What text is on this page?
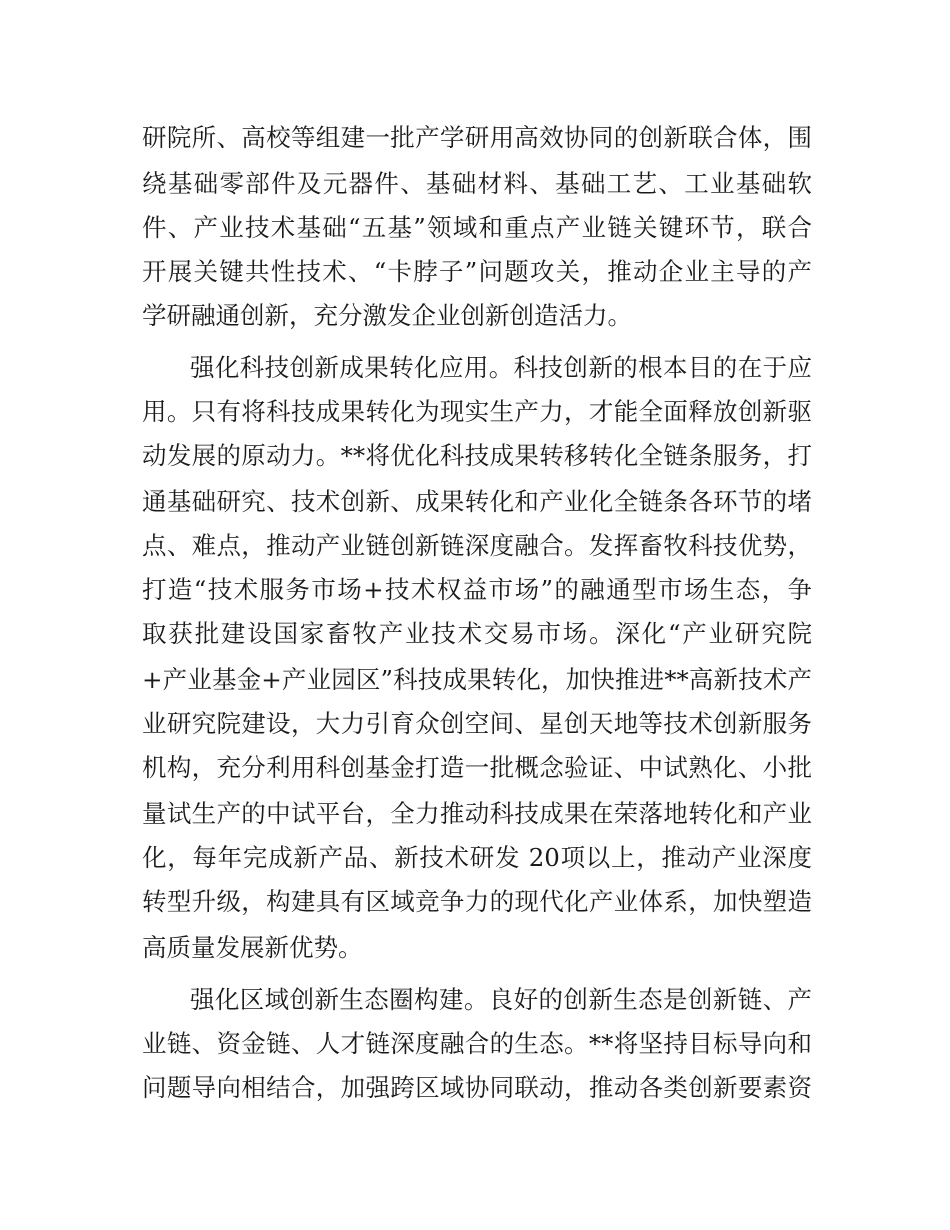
研院所、高校等组建一批产学研用高效协同的创新联合体，围
绕基础零部件及元器件、基础材料、基础工艺、工业基础软
件、产业技术基础“五基”领域和重点产业链关键环节，联合
开展关键共性技术、“卡脖子”问题攻关，推动企业主导的产
学研融通创新，充分激发企业创新创造活力。
强化科技创新成果转化应用。科技创新的根本目的在于应
用。只有将科技成果转化为现实生产力，才能全面释放创新驱
动发展的原动力。**将优化科技成果转移转化全链条服务，打
通基础研究、技术创新、成果转化和产业化全链条各环节的堵
点、难点，推动产业链创新链深度融合。发挥畜牧科技优势，
打造“技术服务市场+技术权益市场”的融通型市场生态，争
取获批建设国家畜牧产业技术交易市场。深化“产业研究院
+产业基金+产业园区”科技成果转化，加快推进**高新技术产
业研究院建设，大力引育众创空间、星创天地等技术创新服务
机构，充分利用科创基金打造一批概念验证、中试熟化、小批
量试生产的中试平台，全力推动科技成果在荣落地转化和产业
化，每年完成新产品、新技术研发 20项以上，推动产业深度
转型升级，构建具有区域竞争力的现代化产业体系，加快塑造
高质量发展新优势。
强化区域创新生态圈构建。良好的创新生态是创新链、产
业链、资金链、人才链深度融合的生态。**将坚持目标导向和
问题导向相结合，加强跨区域协同联动，推动各类创新要素资
